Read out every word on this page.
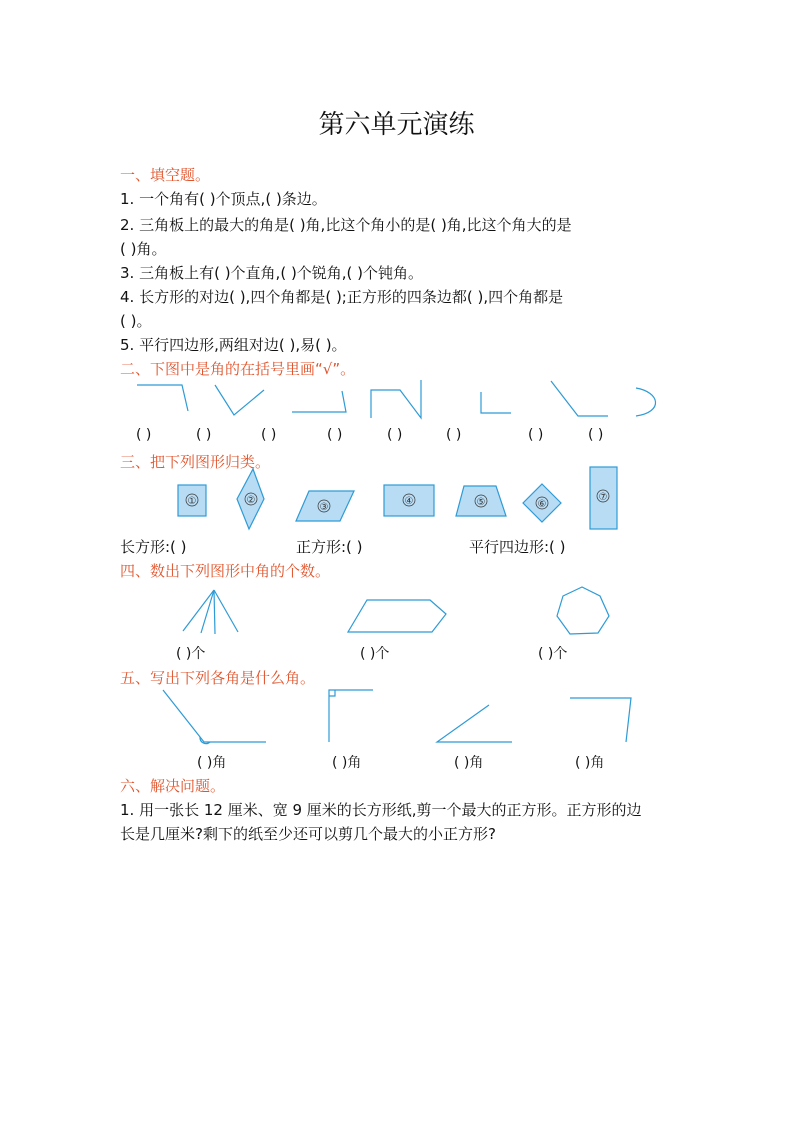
第六单元演练
一、填空题。
1. 一个角有( )个顶点,( )条边。
2. 三角板上的最大的角是( )角,比这个角小的是( )角,比这个角大的是
( )角。
3. 三角板上有( )个直角,( )个锐角,( )个钝角。
4. 长方形的对边( ),四个角都是( );正方形的四条边都( ),四个角都是
( )。
5. 平行四边形,两组对边( ),易( )。
二、下图中是角的在括号里画“√”。
( )	( )	( )	( )	( )	( )	( )	( )
三、把下列图形归类。
①	②
③
④	⑤	⑥
⑦
长方形:( )	正方形:( )	平行四边形:( )
四、数出下列图形中角的个数。
( )个	( )个	( )个
五、写出下列各角是什么角。
( )角	( )角	( )角	( )角
六、解决问题。
1. 用一张长 12 厘米、宽 9 厘米的长方形纸,剪一个最大的正方形。正方形的边
长是几厘米?剩下的纸至少还可以剪几个最大的小正方形?
